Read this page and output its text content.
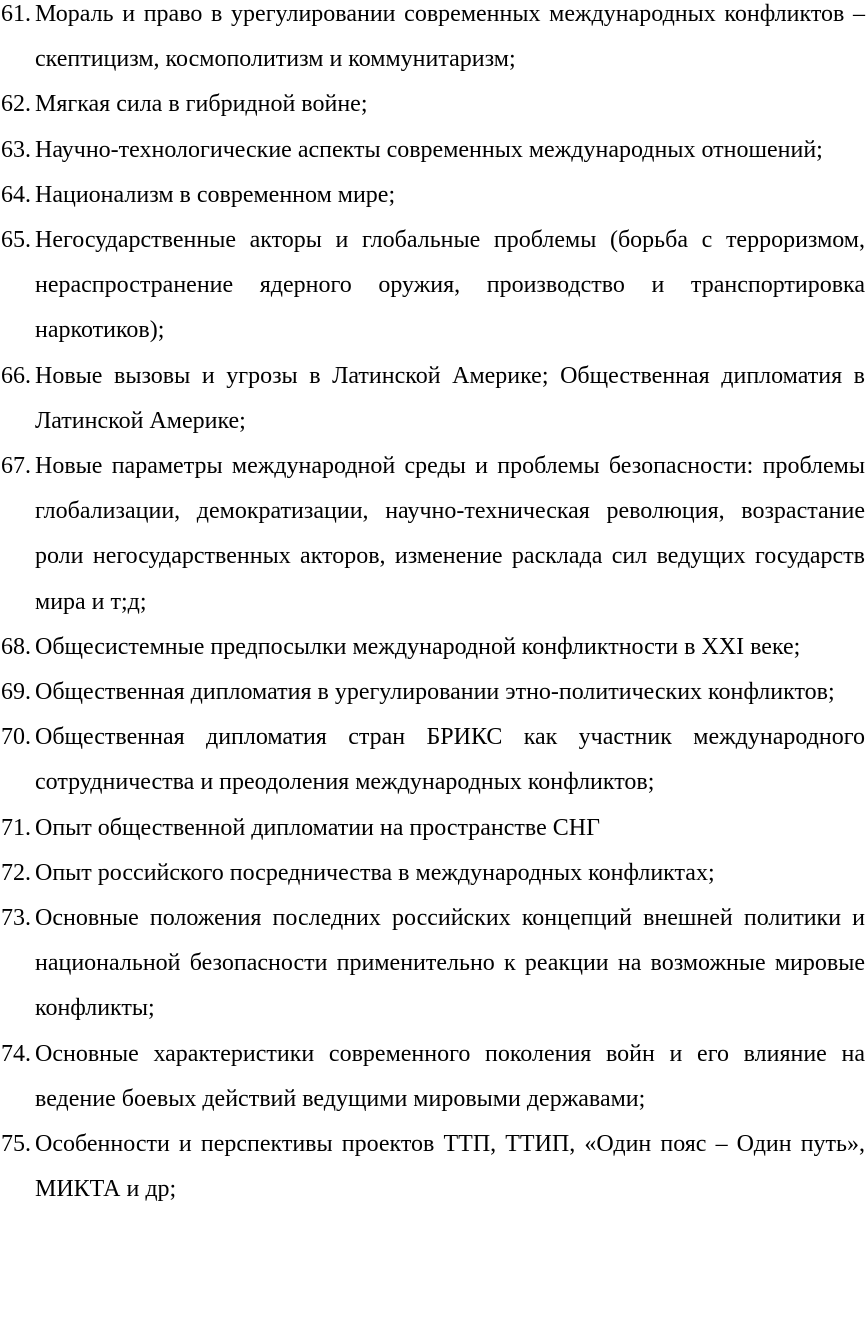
61. Мораль и право в урегулировании современных международных конфликтов – скептицизм, космополитизм и коммунитаризм;
62. Мягкая сила в гибридной войне;
63. Научно-технологические аспекты современных международных отношений;
64. Национализм в современном мире;
65. Негосударственные акторы и глобальные проблемы (борьба с терроризмом, нераспространение ядерного оружия, производство и транспортировка наркотиков);
66. Новые вызовы и угрозы в Латинской Америке; Общественная дипломатия в Латинской Америке;
67. Новые параметры международной среды и проблемы безопасности: проблемы глобализации, демократизации, научно-техническая революция, возрастание роли негосударственных акторов, изменение расклада сил ведущих государств мира и т;д;
68. Общесистемные предпосылки международной конфликтности в XXI веке;
69. Общественная дипломатия в урегулировании этно-политических конфликтов;
70. Общественная дипломатия стран БРИКС как участник международного сотрудничества и преодоления международных конфликтов;
71. Опыт общественной дипломатии на пространстве СНГ
72. Опыт российского посредничества в международных конфликтах;
73. Основные положения последних российских концепций внешней политики и национальной безопасности применительно к реакции на возможные мировые конфликты;
74. Основные характеристики современного поколения войн и его влияние на ведение боевых действий ведущими мировыми державами;
75. Особенности и перспективы проектов ТТП, ТТИП, «Один пояс – Один путь», МИКТА и др;
